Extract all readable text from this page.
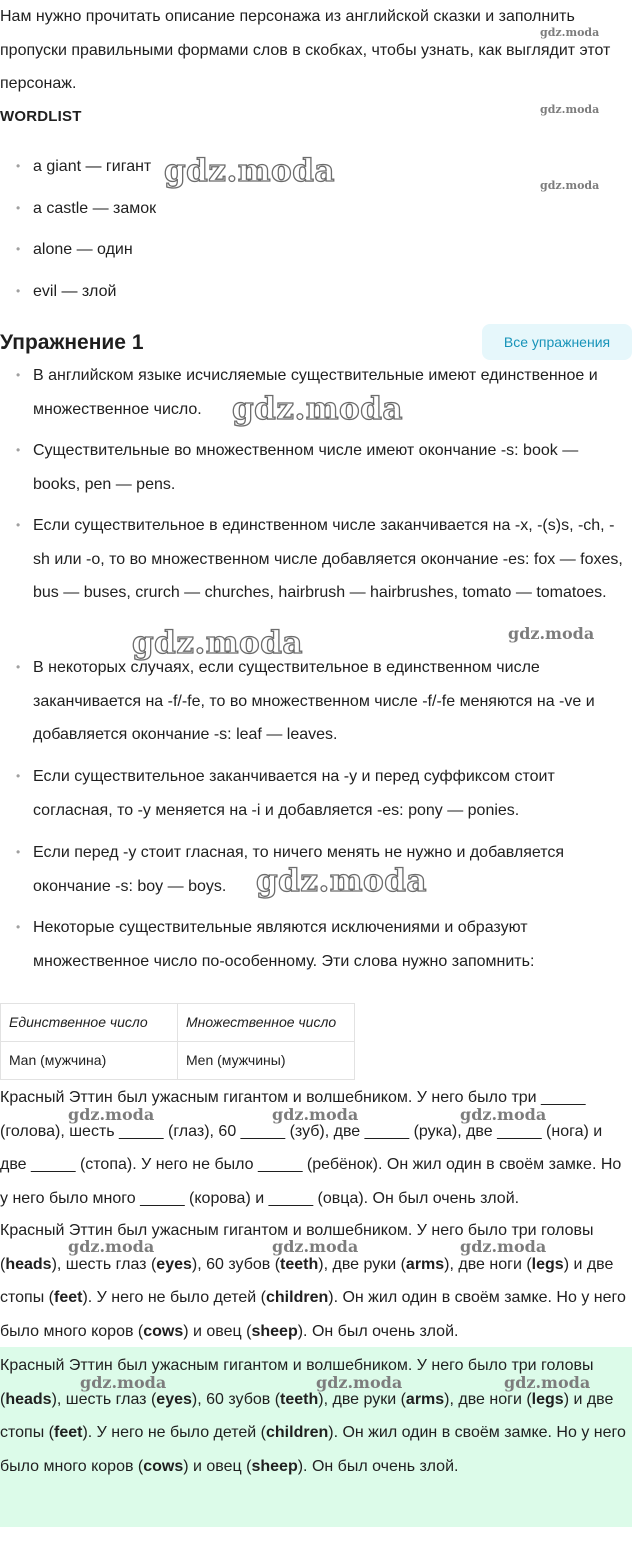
Нам нужно прочитать описание персонажа из английской сказки и заполнить пропуски правильными формами слов в скобках, чтобы узнать, как выглядит этот персонаж.

WORDLIST
• a giant — гигант
• a castle — замок
• alone — один
• evil — злой
Упражнение 1	Все упражнения
• В английском языке исчисляемые существительные имеют единственное и множественное число.
• Существительные во множественном числе имеют окончание -s: book — books, pen — pens.
• Если существительное в единственном числе заканчивается на -x, -(s)s, -ch, -sh или -o, то во множественном числе добавляется окончание -es: fox — foxes, bus — buses, crurch — churches, hairbrush — hairbrushes, tomato — tomatoes.
• В некоторых случаях, если существительное в единственном числе заканчивается на -f/-fe, то во множественном числе -f/-fe меняются на -ve и добавляется окончание -s: leaf — leaves.
• Если существительное заканчивается на -y и перед суффиксом стоит согласная, то -y меняется на -i и добавляется -es: pony — ponies.
• Если перед -y стоит гласная, то ничего менять не нужно и добавляется окончание -s: boy — boys.
• Некоторые существительные являются исключениями и образуют множественное число по-особенному. Эти слова нужно запомнить:
Единственное число	Множественное число
Man (мужчина)	Men (мужчины)

Красный Эттин был ужасным гигантом и волшебником. У него было три _____ (голова), шесть _____ (глаз), 60 _____ (зуб), две _____ (рука), две _____ (нога) и две _____ (стопа). У него не было _____ (ребёнок). Он жил один в своём замке. Но у него было много _____ (корова) и _____ (овца). Он был очень злой.

Красный Эттин был ужасным гигантом и волшебником. У него было три головы (heads), шесть глаз (eyes), 60 зубов (teeth), две руки (arms), две ноги (legs) и две стопы (feet). У него не было детей (children). Он жил один в своём замке. Но у него было много коров (cows) и овец (sheep). Он был очень злой.

Красный Эттин был ужасным гигантом и волшебником. У него было три головы (heads), шесть глаз (eyes), 60 зубов (teeth), две руки (arms), две ноги (legs) и две стопы (feet). У него не было детей (children). Он жил один в своём замке. Но у него было много коров (cows) и овец (sheep). Он был очень злой.

gdz.moda
gdz.moda
gdz.moda
gdz.moda
gdz.moda
gdz.moda	gdz.moda
gdz.moda
gdz.moda	gdz.moda	gdz.moda
gdz.moda	gdz.moda	gdz.moda
gdz.moda	gdz.moda	gdz.moda
